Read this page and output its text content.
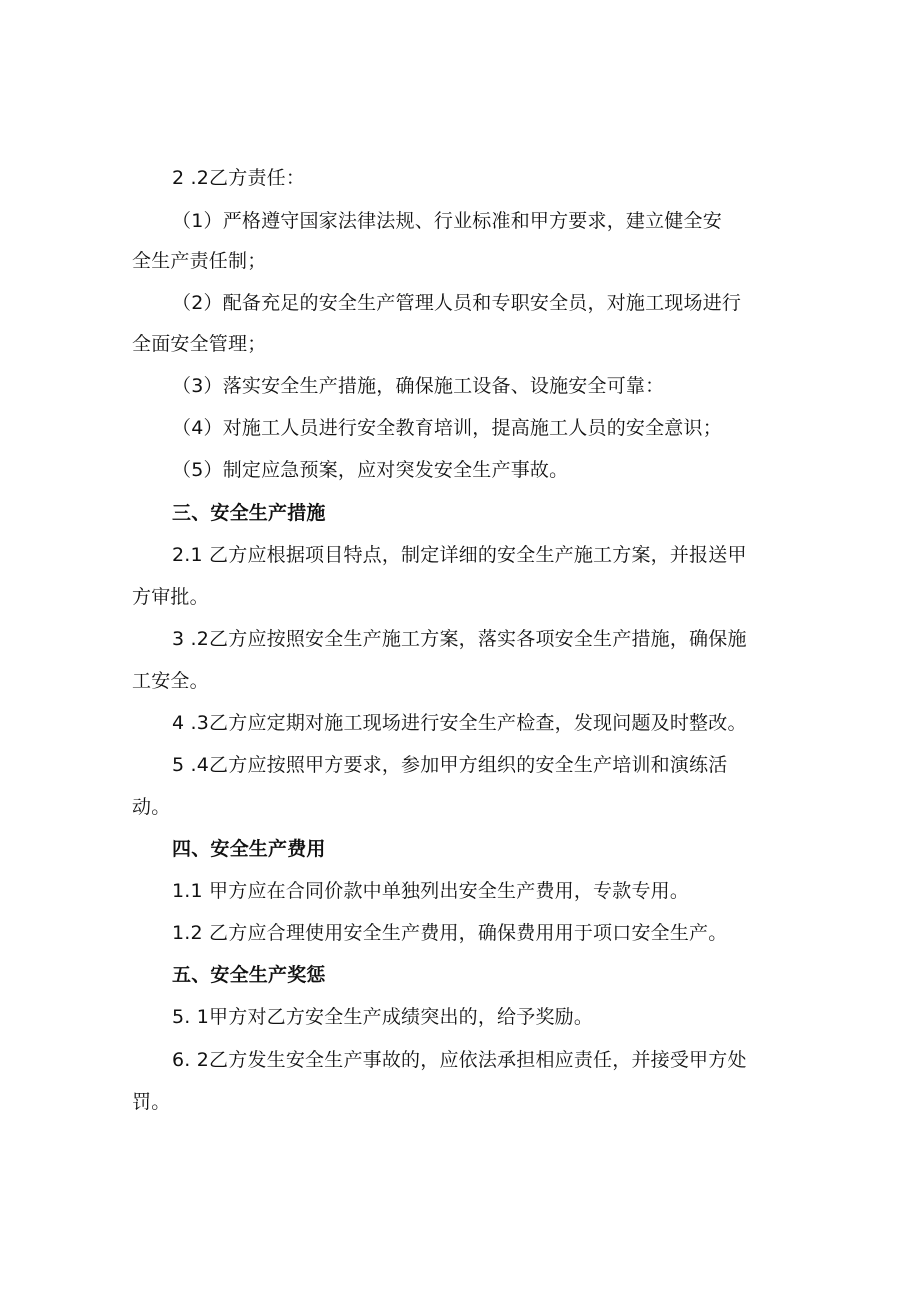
2 .2乙方责任：
（1）严格遵守国家法律法规、行业标准和甲方要求，建立健全安
全生产责任制；
（2）配备充足的安全生产管理人员和专职安全员，对施工现场进行
全面安全管理；
（3）落实安全生产措施，确保施工设备、设施安全可靠：
（4）对施工人员进行安全教育培训，提高施工人员的安全意识；
（5）制定应急预案，应对突发安全生产事故。
三、安全生产措施
2.1 乙方应根据项目特点，制定详细的安全生产施工方案，并报送甲
方审批。
3 .2乙方应按照安全生产施工方案，落实各项安全生产措施，确保施
工安全。
4 .3乙方应定期对施工现场进行安全生产检查，发现问题及时整改。
5 .4乙方应按照甲方要求，参加甲方组织的安全生产培训和演练活
动。
四、安全生产费用
1.1 甲方应在合同价款中单独列出安全生产费用，专款专用。
1.2 乙方应合理使用安全生产费用，确保费用用于项口安全生产。
五、安全生产奖惩
5. 1甲方对乙方安全生产成绩突出的，给予奖励。
6. 2乙方发生安全生产事故的，应依法承担相应责任，并接受甲方处
罚。
